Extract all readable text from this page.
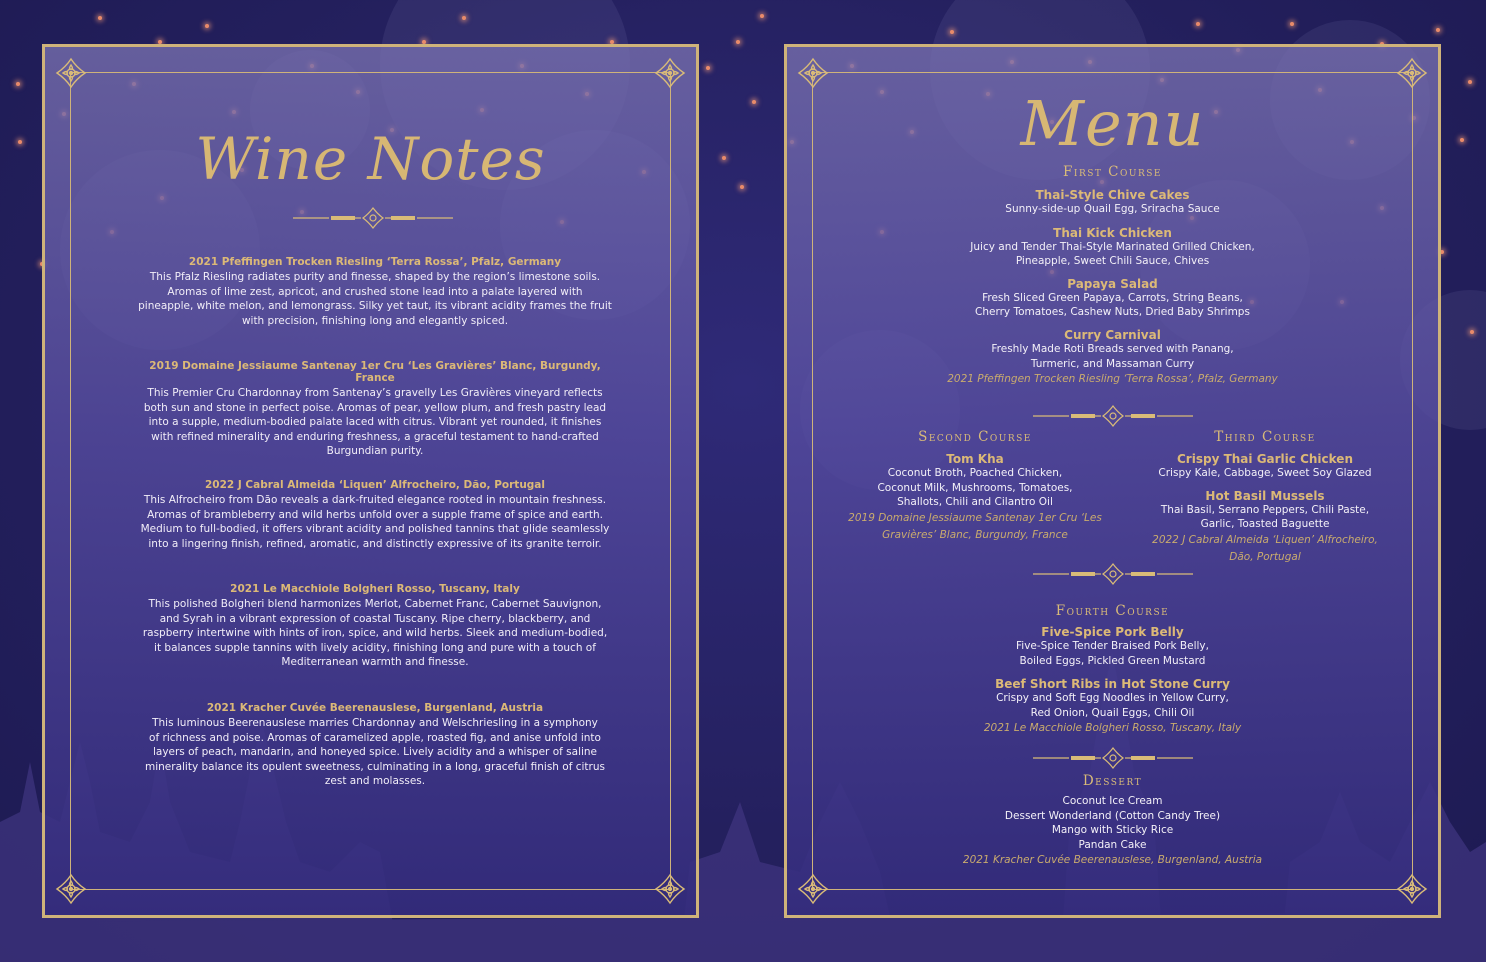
Wine Notes
2021 Pfeffingen Trocken Riesling ‘Terra Rossa’, Pfalz, Germany
This Pfalz Riesling radiates purity and finesse, shaped by the region’s limestone soils.
Aromas of lime zest, apricot, and crushed stone lead into a palate layered with
pineapple, white melon, and lemongrass. Silky yet taut, its vibrant acidity frames the fruit
with precision, finishing long and elegantly spiced.
2019 Domaine Jessiaume Santenay 1er Cru ‘Les Gravières’ Blanc, Burgundy, France
This Premier Cru Chardonnay from Santenay’s gravelly Les Gravières vineyard reflects
both sun and stone in perfect poise. Aromas of pear, yellow plum, and fresh pastry lead
into a supple, medium-bodied palate laced with citrus. Vibrant yet rounded, it finishes
with refined minerality and enduring freshness, a graceful testament to hand-crafted
Burgundian purity.
2022 J Cabral Almeida ‘Liquen’ Alfrocheiro, Dão, Portugal
This Alfrocheiro from Dão reveals a dark-fruited elegance rooted in mountain freshness.
Aromas of brambleberry and wild herbs unfold over a supple frame of spice and earth.
Medium to full-bodied, it offers vibrant acidity and polished tannins that glide seamlessly
into a lingering finish, refined, aromatic, and distinctly expressive of its granite terroir.
2021 Le Macchiole Bolgheri Rosso, Tuscany, Italy
This polished Bolgheri blend harmonizes Merlot, Cabernet Franc, Cabernet Sauvignon,
and Syrah in a vibrant expression of coastal Tuscany. Ripe cherry, blackberry, and
raspberry intertwine with hints of iron, spice, and wild herbs. Sleek and medium-bodied,
it balances supple tannins with lively acidity, finishing long and pure with a touch of
Mediterranean warmth and finesse.
2021 Kracher Cuvée Beerenauslese, Burgenland, Austria
This luminous Beerenauslese marries Chardonnay and Welschriesling in a symphony
of richness and poise. Aromas of caramelized apple, roasted fig, and anise unfold into
layers of peach, mandarin, and honeyed spice. Lively acidity and a whisper of saline
minerality balance its opulent sweetness, culminating in a long, graceful finish of citrus
zest and molasses.
Menu
First Course
Thai-Style Chive Cakes
Sunny-side-up Quail Egg, Sriracha Sauce
Thai Kick Chicken
Juicy and Tender Thai-Style Marinated Grilled Chicken,
Pineapple, Sweet Chili Sauce, Chives
Papaya Salad
Fresh Sliced Green Papaya, Carrots, String Beans,
Cherry Tomatoes, Cashew Nuts, Dried Baby Shrimps
Curry Carnival
Freshly Made Roti Breads served with Panang,
Turmeric, and Massaman Curry
2021 Pfeffingen Trocken Riesling ‘Terra Rossa’, Pfalz, Germany
Second Course
Tom Kha
Coconut Broth, Poached Chicken,
Coconut Milk, Mushrooms, Tomatoes,
Shallots, Chili and Cilantro Oil
2019 Domaine Jessiaume Santenay 1er Cru ‘Les
Gravières’ Blanc, Burgundy, France
Third Course
Crispy Thai Garlic Chicken
Crispy Kale, Cabbage, Sweet Soy Glazed
Hot Basil Mussels
Thai Basil, Serrano Peppers, Chili Paste,
Garlic, Toasted Baguette
2022 J Cabral Almeida ‘Liquen’ Alfrocheiro,
Dão, Portugal
Fourth Course
Five-Spice Pork Belly
Five-Spice Tender Braised Pork Belly,
Boiled Eggs, Pickled Green Mustard
Beef Short Ribs in Hot Stone Curry
Crispy and Soft Egg Noodles in Yellow Curry,
Red Onion, Quail Eggs, Chili Oil
2021 Le Macchiole Bolgheri Rosso, Tuscany, Italy
Dessert
Coconut Ice Cream
Dessert Wonderland (Cotton Candy Tree)
Mango with Sticky Rice
Pandan Cake
2021 Kracher Cuvée Beerenauslese, Burgenland, Austria
